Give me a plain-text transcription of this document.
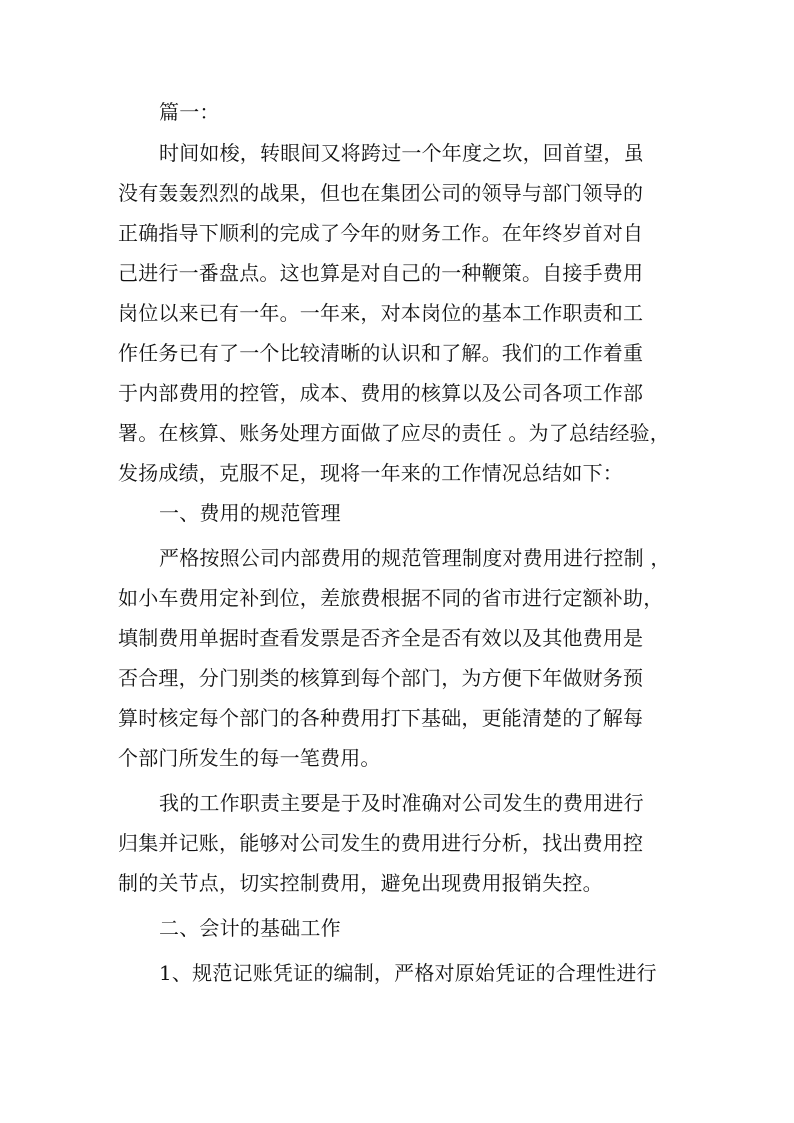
篇一：
时间如梭，转眼间又将跨过一个年度之坎，回首望，虽
没有轰轰烈烈的战果，但也在集团公司的领导与部门领导的
正确指导下顺利的完成了今年的财务工作。在年终岁首对自
己进行一番盘点。这也算是对自己的一种鞭策。自接手费用
岗位以来已有一年。一年来，对本岗位的基本工作职责和工
作任务已有了一个比较清晰的认识和了解。我们的工作着重
于内部费用的控管，成本、费用的核算以及公司各项工作部
署。在核算、账务处理方面做了应尽的责任 。为了总结经验，
发扬成绩，克服不足，现将一年来的工作情况总结如下：
一、费用的规范管理
严格按照公司内部费用的规范管理制度对费用进行控制 ，
如小车费用定补到位，差旅费根据不同的省市进行定额补助，
填制费用单据时查看发票是否齐全是否有效以及其他费用是
否合理，分门别类的核算到每个部门，为方便下年做财务预
算时核定每个部门的各种费用打下基础，更能清楚的了解每
个部门所发生的每一笔费用。
我的工作职责主要是于及时准确对公司发生的费用进行
归集并记账，能够对公司发生的费用进行分析，找出费用控
制的关节点，切实控制费用，避免出现费用报销失控。
二、会计的基础工作
1、规范记账凭证的编制，严格对原始凭证的合理性进行
